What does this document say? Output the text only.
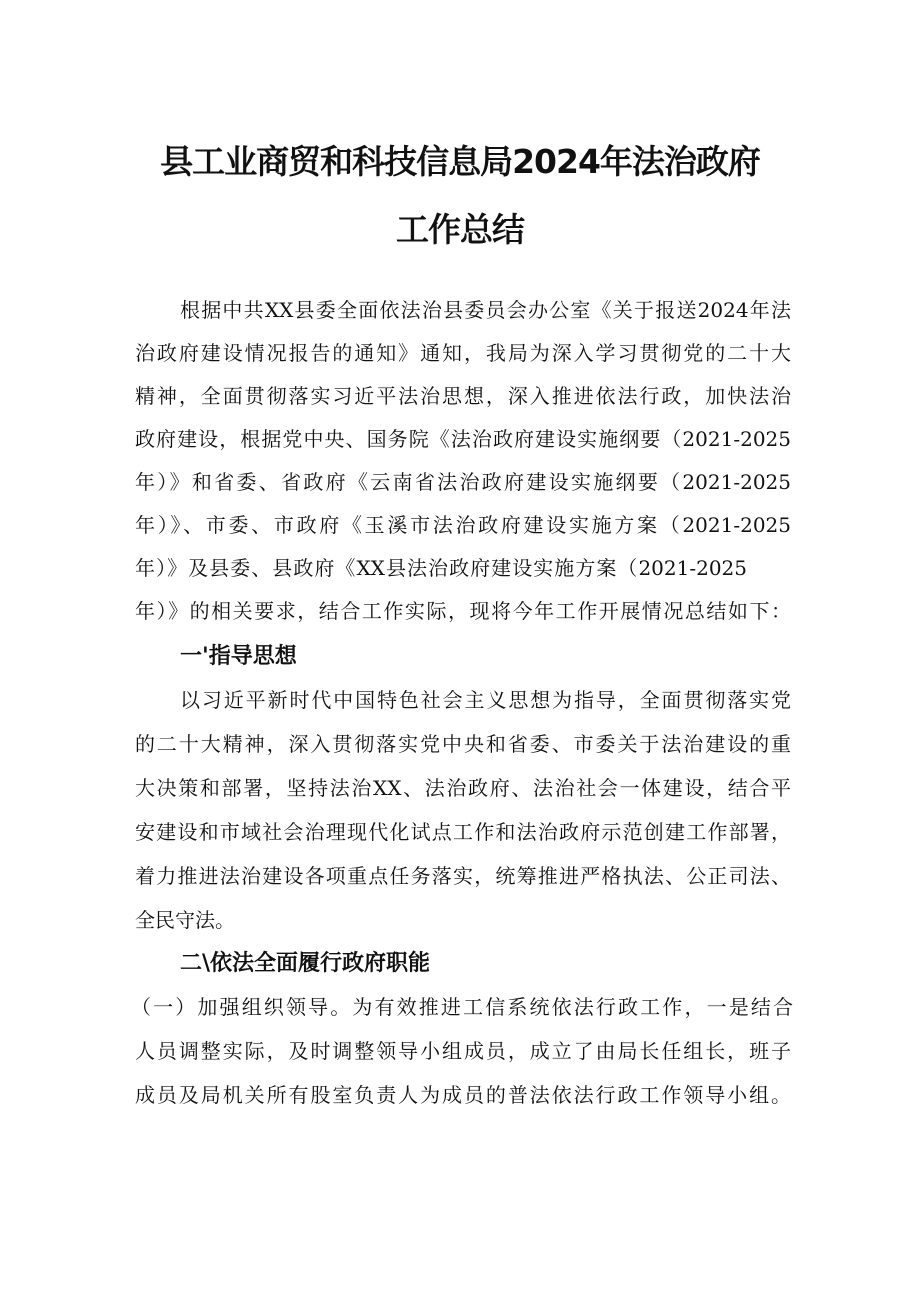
县工业商贸和科技信息局2024年法治政府
工作总结
根据中共XX县委全面依法治县委员会办公室《关于报送2024年法
治政府建设情况报告的通知》通知，我局为深入学习贯彻党的二十大
精神，全面贯彻落实习近平法治思想，深入推进依法行政，加快法治
政府建设，根据党中央、国务院《法治政府建设实施纲要（2021-2025
年）》和省委、省政府《云南省法治政府建设实施纲要（2021-2025
年）》、市委、市政府《玉溪市法治政府建设实施方案（2021-2025
年）》及县委、县政府《XX县法治政府建设实施方案（2021-2025
年）》的相关要求，结合工作实际，现将今年工作开展情况总结如下：
一'指导思想
以习近平新时代中国特色社会主义思想为指导，全面贯彻落实党
的二十大精神，深入贯彻落实党中央和省委、市委关于法治建设的重
大决策和部署，坚持法治XX、法治政府、法治社会一体建设，结合平
安建设和市域社会治理现代化试点工作和法治政府示范创建工作部署，
着力推进法治建设各项重点任务落实，统筹推进严格执法、公正司法、
全民守法。
二\依法全面履行政府职能
（一）加强组织领导。为有效推进工信系统依法行政工作，一是结合
人员调整实际，及时调整领导小组成员，成立了由局长任组长，班子
成员及局机关所有股室负责人为成员的普法依法行政工作领导小组。
